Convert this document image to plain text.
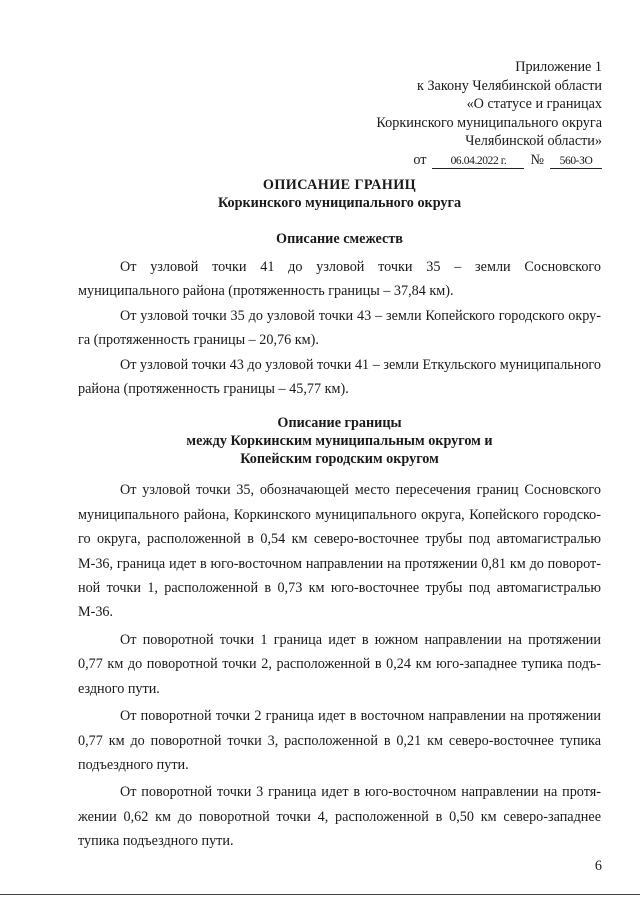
Приложение 1
к Закону Челябинской области
«О статусе и границах
Коркинского муниципального округа
Челябинской области»
от 06.04.2022 г. № 560-ЗО
ОПИСАНИЕ ГРАНИЦ
Коркинского муниципального округа
Описание смежеств

От узловой точки 41 до узловой точки 35 – земли Сосновского муниципального района (протяженность границы – 37,84 км).

От узловой точки 35 до узловой точки 43 – земли Копейского городского округа (протяженность границы – 20,76 км).

От узловой точки 43 до узловой точки 41 – земли Еткульского муниципального района (протяженность границы – 45,77 км).

Описание границы
между Коркинским муниципальным округом и
Копейским городским округом

От узловой точки 35, обозначающей место пересечения границ Сосновского муниципального района, Коркинского муниципального округа, Копейского городского округа, расположенной в 0,54 км северо-восточнее трубы под автомагистралью М-36, граница идет в юго-восточном направлении на протяжении 0,81 км до поворотной точки 1, расположенной в 0,73 км юго-восточнее трубы под автомагистралью М-36.

От поворотной точки 1 граница идет в южном направлении на протяжении 0,77 км до поворотной точки 2, расположенной в 0,24 км юго-западнее тупика подъездного пути.

От поворотной точки 2 граница идет в восточном направлении на протяжении 0,77 км до поворотной точки 3, расположенной в 0,21 км северо-восточнее тупика подъездного пути.

От поворотной точки 3 граница идет в юго-восточном направлении на протяжении 0,62 км до поворотной точки 4, расположенной в 0,50 км северо-западнее тупика подъездного пути.

6
